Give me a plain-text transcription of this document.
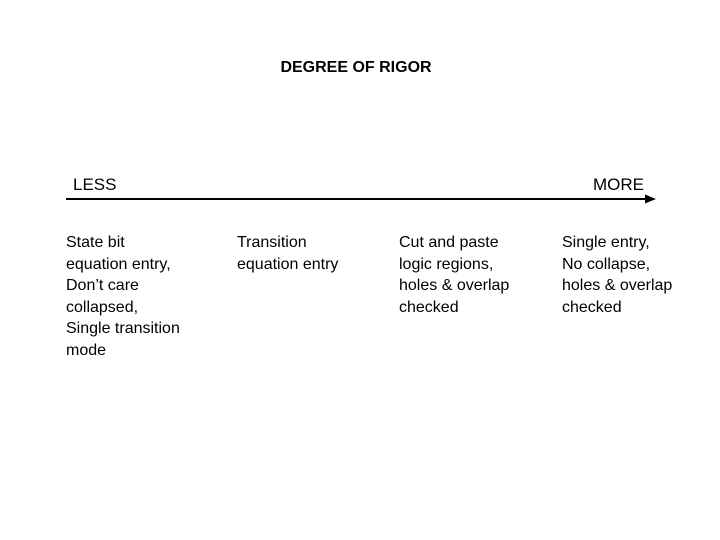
DEGREE OF RIGOR
LESS	MORE
State bit
equation entry,
Don’t care
collapsed,
Single transition
mode
Transition
equation entry
Cut and paste
logic regions,
holes & overlap
checked
Single entry,
No collapse,
holes & overlap
checked
